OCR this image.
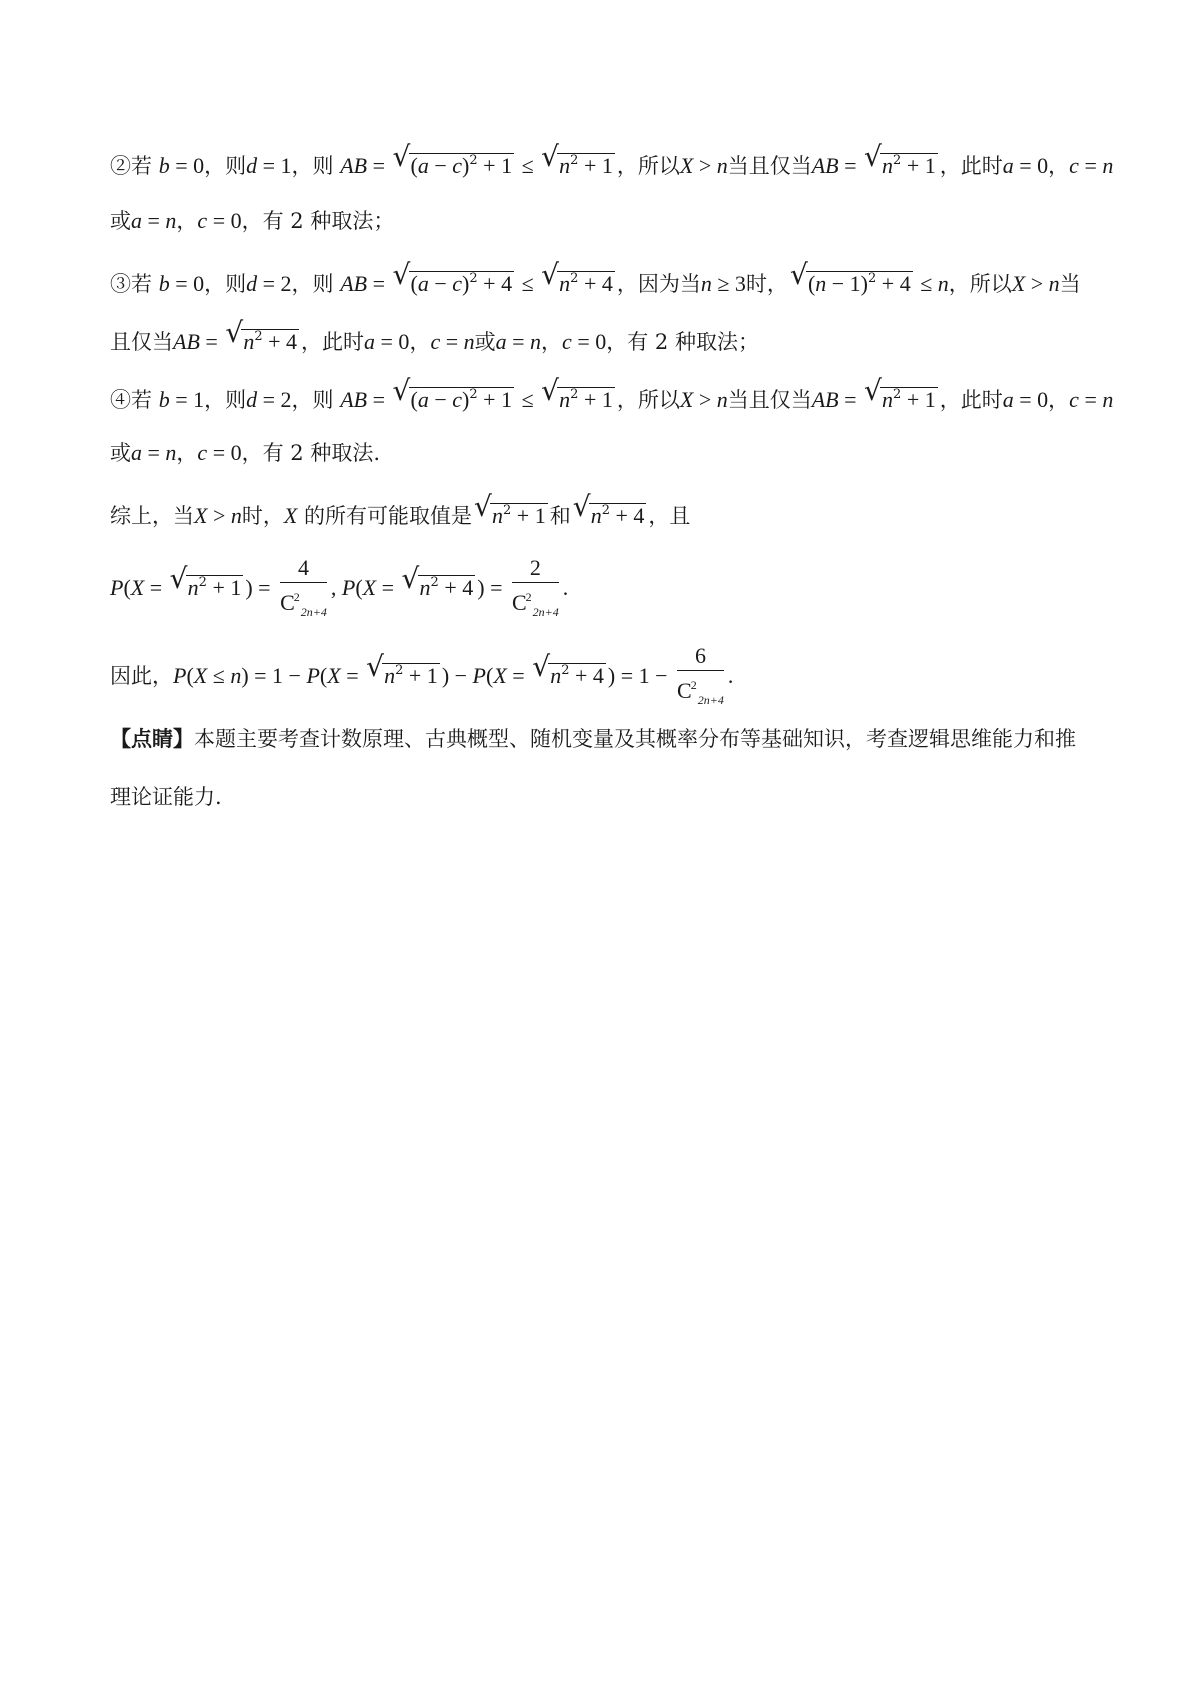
②若 b = 0，则d = 1，则 AB = √ $(a - c)^2 + 1$ ≤ √ $n^2 + 1$ ，所以X > n当且仅当AB = √ $n^2 + 1$ ，此时a = 0，c = n
或a = n，c = 0，有 2 种取法；
③若 b = 0，则d = 2，则 AB = √ $(a - c)^2 + 4$ ≤ √ $n^2 + 4$ ，因为当n ≥ 3时， √ $(n - 1)^2 + 4 \le n$，所以X > n当
且仅当AB = √ $n^2 + 4$ ，此时a = 0，c = n或a = n，c = 0，有 2 种取法；
④若 b = 1，则d = 2，则 AB = √ $(a - c)^2 + 1$ ≤ √ $n^2 + 1$ ，所以X > n当且仅当AB = √ $n^2 + 1$ ，此时a = 0，c = n
或a = n，c = 0，有 2 种取法.
综上，当X > n时，X 的所有可能取值是 √ $n^2 + 1$ 和 √ $n^2 + 4$ ，且
P(X = √ $n^2 + 1$ ) = $\frac{4}{C^2_{2n+4}}$ , P(X = √ $n^2 + 4$ ) = $\frac{2}{C^2_{2n+4}}$ .
因此，P(X ≤ n) = 1 − P(X = √ $n^2 + 1$ ) − P(X = √ $n^2 + 4$ ) = $1 - \frac{6}{C^2_{2n+4}}$ .
【点睛】本题主要考查计数原理、古典概型、随机变量及其概率分布等基础知识，考查逻辑思维能力和推
理论证能力.
